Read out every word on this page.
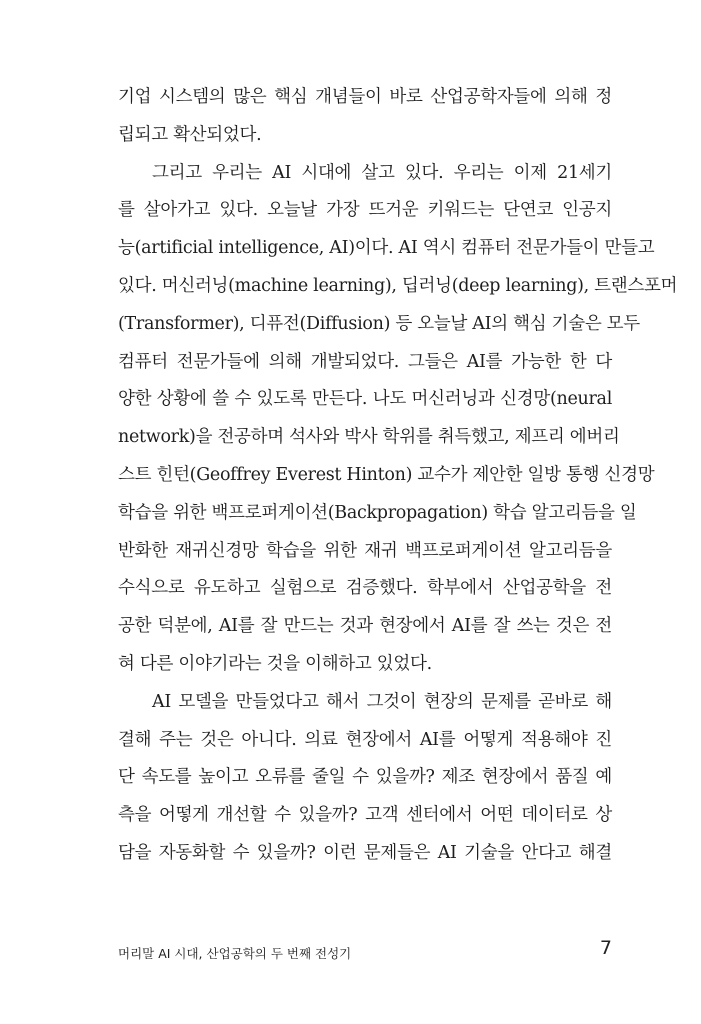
기업 시스템의 많은 핵심 개념들이 바로 산업공학자들에 의해 정
립되고 확산되었다.
그리고 우리는 AI 시대에 살고 있다. 우리는 이제 21세기
를 살아가고 있다. 오늘날 가장 뜨거운 키워드는 단연코 인공지
능(artificial intelligence, AI)이다. AI 역시 컴퓨터 전문가들이 만들고
있다. 머신러닝(machine learning), 딥러닝(deep learning), 트랜스포머
(Transformer), 디퓨전(Diffusion) 등 오늘날 AI의 핵심 기술은 모두
컴퓨터 전문가들에 의해 개발되었다. 그들은 AI를 가능한 한 다
양한 상황에 쓸 수 있도록 만든다. 나도 머신러닝과 신경망(neural
network)을 전공하며 석사와 박사 학위를 취득했고, 제프리 에버리
스트 힌턴(Geoffrey Everest Hinton) 교수가 제안한 일방 통행 신경망
학습을 위한 백프로퍼게이션(Backpropagation) 학습 알고리듬을 일
반화한 재귀신경망 학습을 위한 재귀 백프로퍼게이션 알고리듬을
수식으로 유도하고 실험으로 검증했다. 학부에서 산업공학을 전
공한 덕분에, AI를 잘 만드는 것과 현장에서 AI를 잘 쓰는 것은 전
혀 다른 이야기라는 것을 이해하고 있었다.
AI 모델을 만들었다고 해서 그것이 현장의 문제를 곧바로 해
결해 주는 것은 아니다. 의료 현장에서 AI를 어떻게 적용해야 진
단 속도를 높이고 오류를 줄일 수 있을까? 제조 현장에서 품질 예
측을 어떻게 개선할 수 있을까? 고객 센터에서 어떤 데이터로 상
담을 자동화할 수 있을까? 이런 문제들은 AI 기술을 안다고 해결
머리말 AI 시대, 산업공학의 두 번째 전성기	7
